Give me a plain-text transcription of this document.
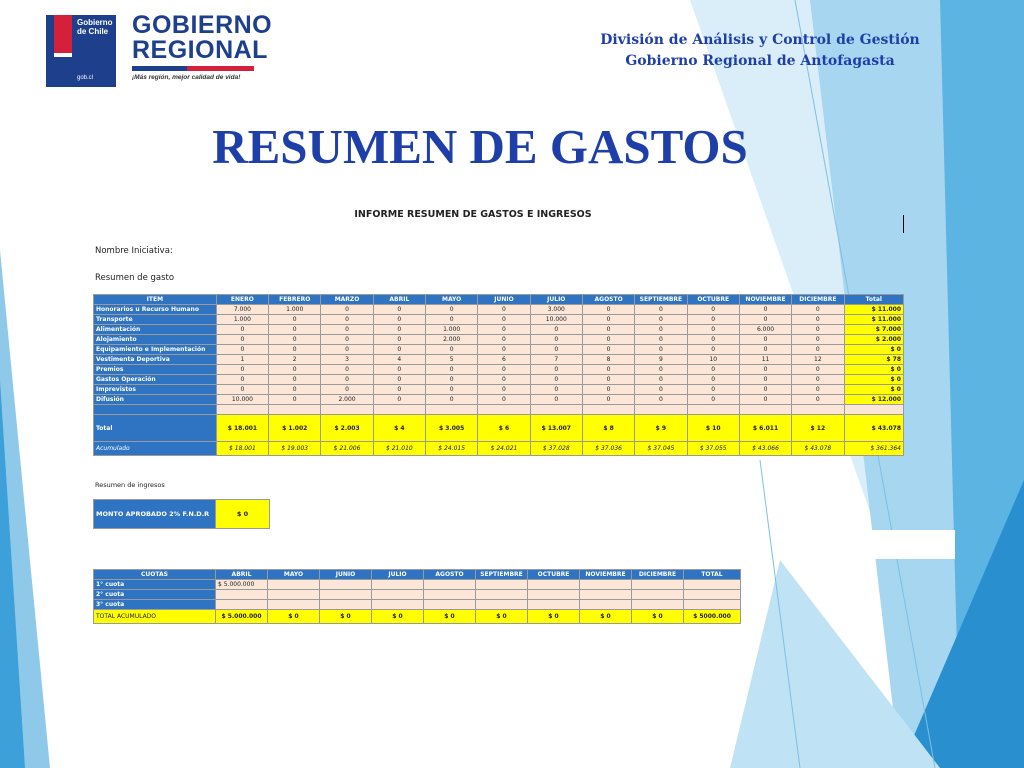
Gobierno
de Chile
gob.cl
GOBIERNO
REGIONAL
¡Más región, mejor calidad de vida!
División de Análisis y Control de Gestión
Gobierno Regional de Antofagasta
RESUMEN DE GASTOS
INFORME RESUMEN DE GASTOS E INGRESOS
Nombre Iniciativa:
Resumen de gasto
ITEM	ENERO	FEBRERO	MARZO	ABRIL	MAYO	JUNIO	JULIO	AGOSTO	SEPTIEMBRE	OCTUBRE	NOVIEMBRE	DICIEMBRE	Total
Honorarios u Recurso Humano	7.000	1.000	0	0	0	0	3.000	0	0	0	0	0	$ 11.000
Transporte	1.000	0	0	0	0	0	10.000	0	0	0	0	0	$ 11.000
Alimentación	0	0	0	0	1.000	0	0	0	0	0	6.000	0	$ 7.000
Alojamiento	0	0	0	0	2.000	0	0	0	0	0	0	0	$ 2.000
Equipamiento e Implementación	0	0	0	0	0	0	0	0	0	0	0	0	$ 0
Vestimenta Deportiva	1	2	3	4	5	6	7	8	9	10	11	12	$ 78
Premios	0	0	0	0	0	0	0	0	0	0	0	0	$ 0
Gastos Operación	0	0	0	0	0	0	0	0	0	0	0	0	$ 0
Imprevistos	0	0	0	0	0	0	0	0	0	0	0	0	$ 0
Difusión	10.000	0	2.000	0	0	0	0	0	0	0	0	0	$ 12.000

Total	$ 18.001	$ 1.002	$ 2.003	$ 4	$ 3.005	$ 6	$ 13.007	$ 8	$ 9	$ 10	$ 6.011	$ 12	$ 43.078
Acumulado	$ 18.001	$ 19.003	$ 21.006	$ 21.010	$ 24.015	$ 24.021	$ 37.028	$ 37.036	$ 37.045	$ 37.055	$ 43.066	$ 43.078	$ 361.364
Resumen de ingresos
MONTO APROBADO 2% F.N.D.R	$ 0
CUOTAS	ABRIL	MAYO	JUNIO	JULIO	AGOSTO	SEPTIEMBRE	OCTUBRE	NOVIEMBRE	DICIEMBRE	TOTAL	
1° cuota	$ 5.000.000										
2° cuota											
3° cuota											
TOTAL ACUMULADO	$ 5.000.000	$ 0	$ 0	$ 0	$ 0	$ 0	$ 0	$ 0	$ 0	$ 5000.000	
